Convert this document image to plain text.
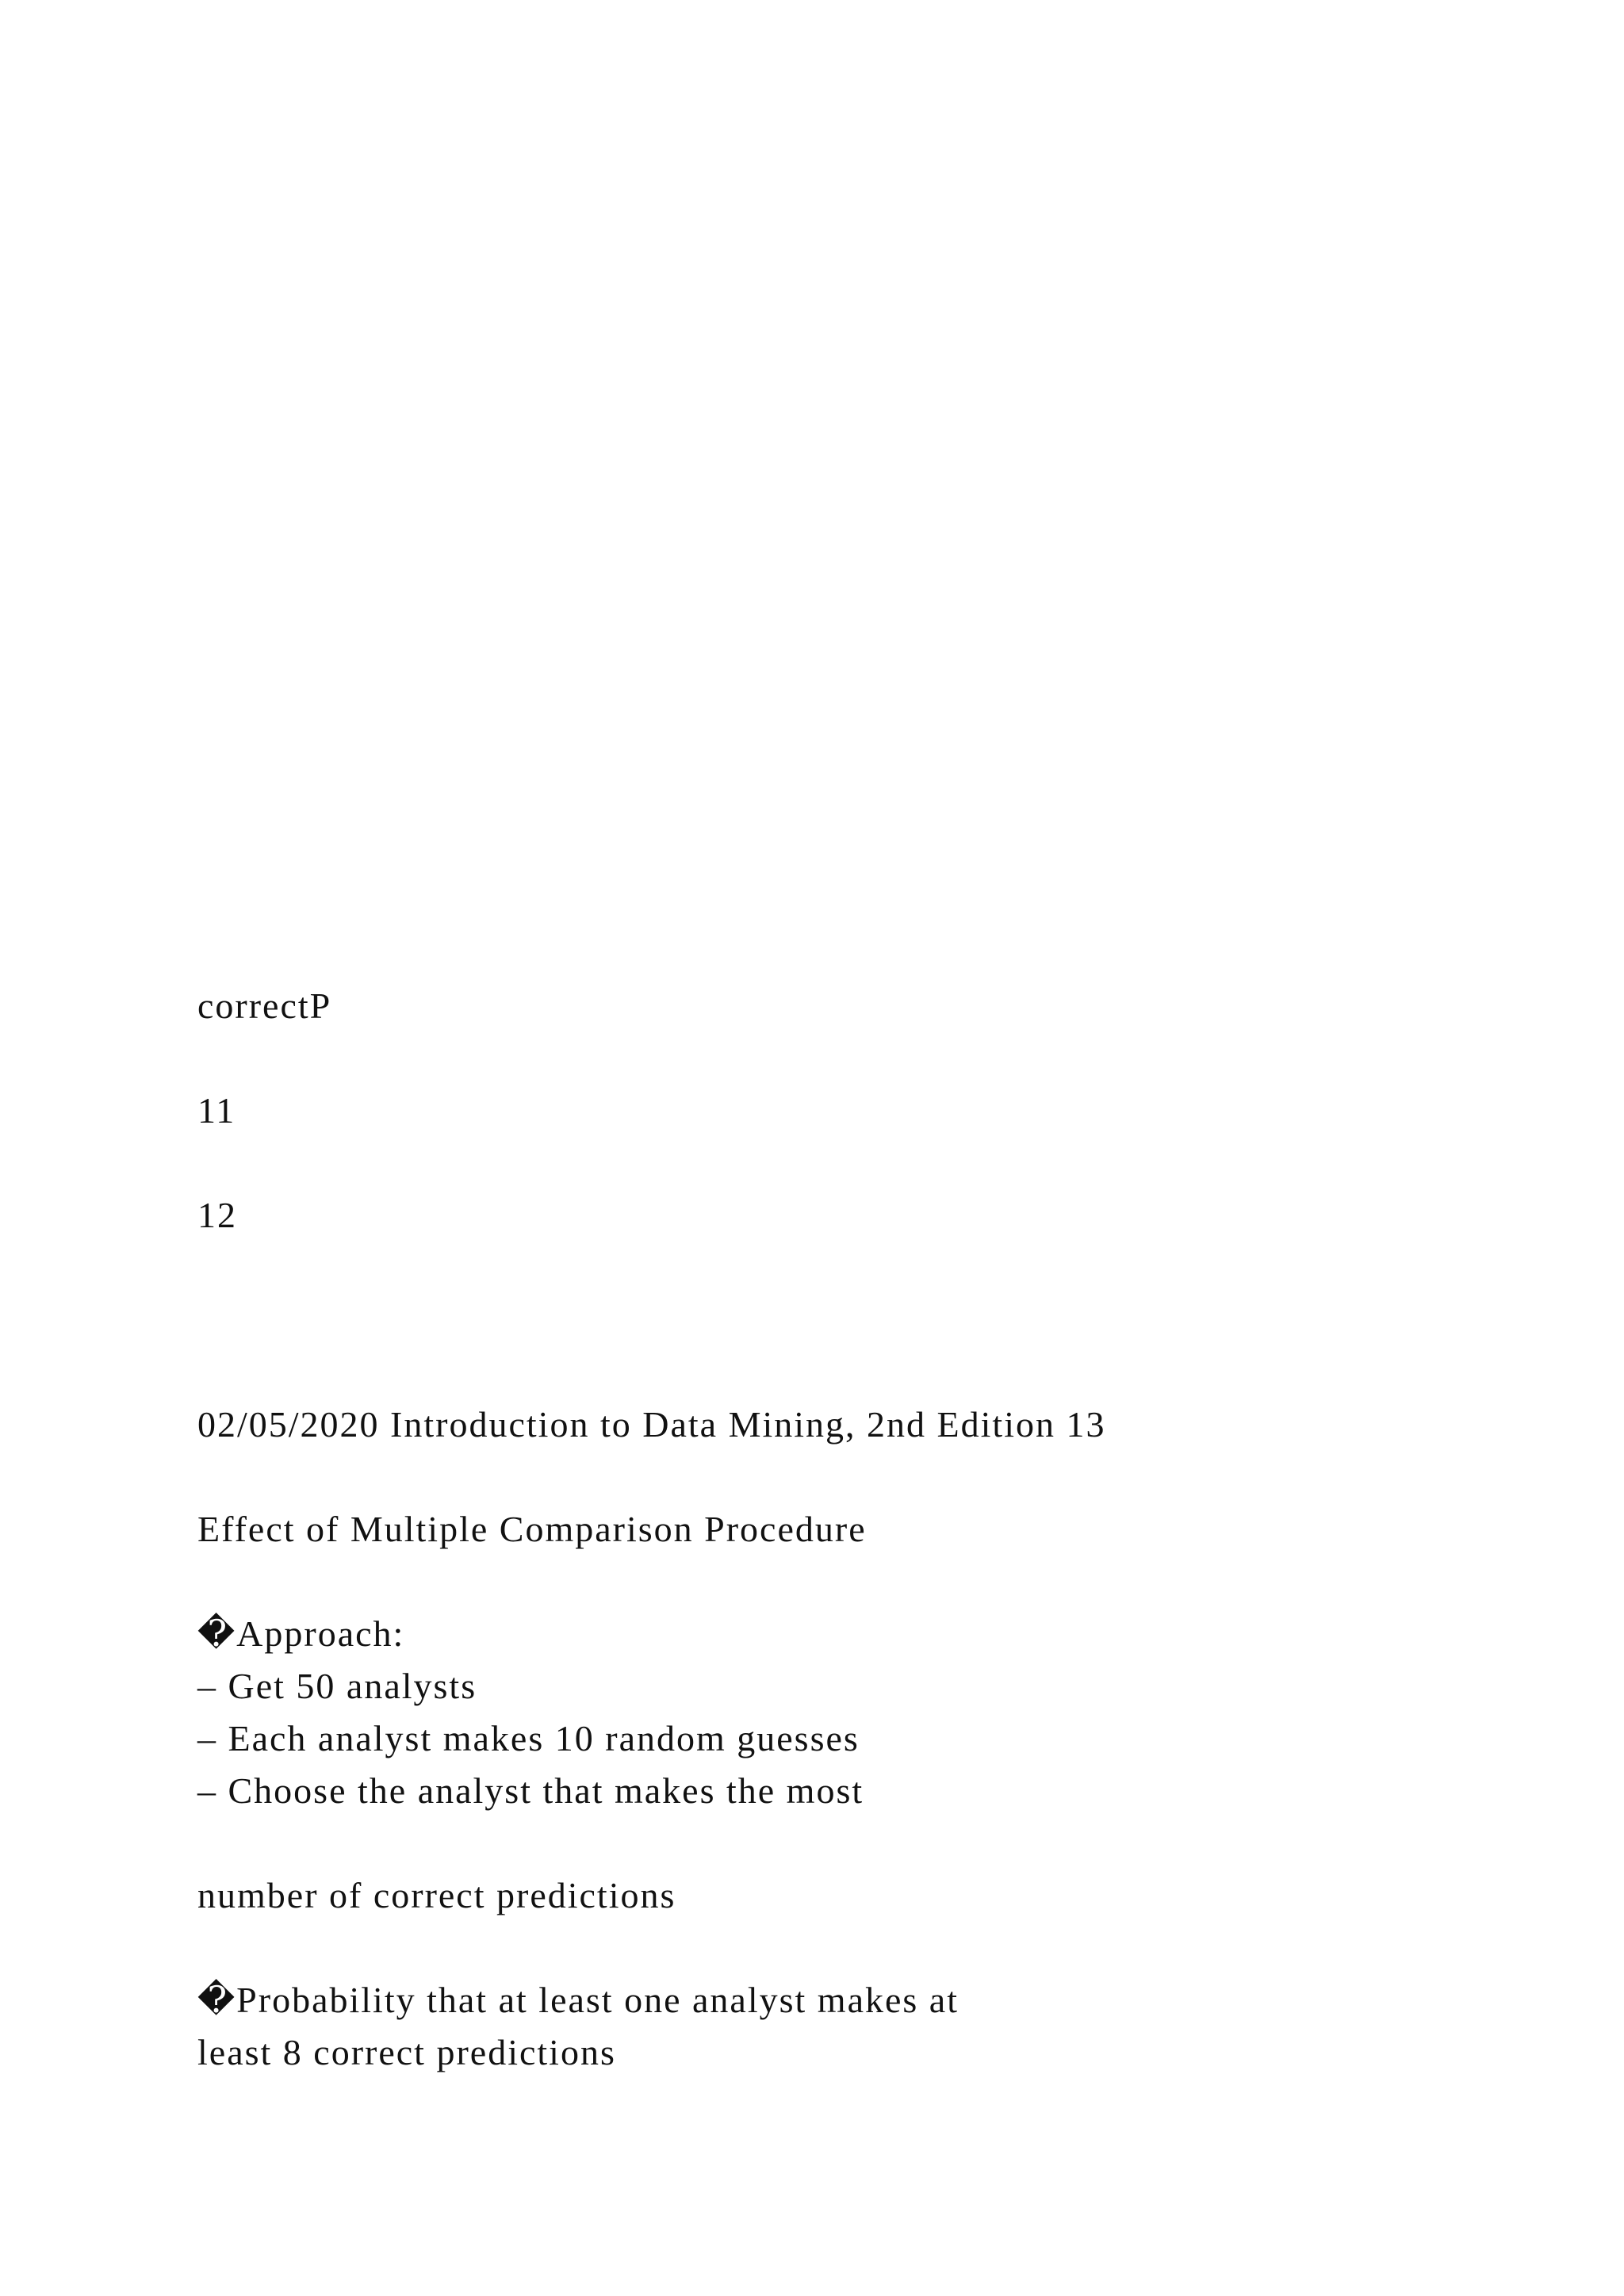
correctP
11
12
02/05/2020 Introduction to Data Mining, 2nd Edition 13
Effect of Multiple Comparison Procedure
�Approach:
– Get 50 analysts
– Each analyst makes 10 random guesses
– Choose the analyst that makes the most
number of correct predictions
�Probability that at least one analyst makes at
least 8 correct predictions
